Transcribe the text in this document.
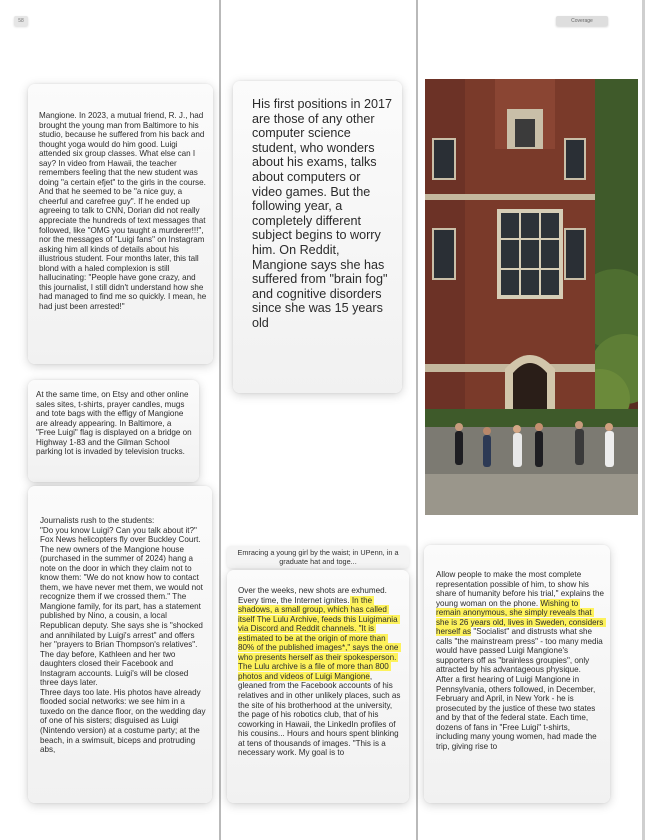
58	Coverage
Mangione. In 2023, a mutual friend, R. J., had brought the young man from Baltimore to his studio, because he suffered from his back and thought yoga would do him good. Luigi attended six group classes. What else can I say? In video from Hawaii, the teacher remembers feeling that the new student was doing "a certain efjet" to the girls in the course. And that he seemed to be "a nice guy, a cheerful and carefree guy". If he ended up agreeing to talk to CNN, Dorian did not really appreciate the hundreds of text messages that followed, like "OMG you taught a murderer!!!", nor the messages of "Luigi fans" on Instagram asking him all kinds of details about his illustrious student. Four months later, this tall blond with a haled complexion is still hallucinating: "People have gone crazy, and this journalist, I still didn't understand how she had managed to find me so quickly. I mean, he had just been arrested!"
At the same time, on Etsy and other online sales sites, t-shirts, prayer candles, mugs and tote bags with the effigy of Mangione are already appearing. In Baltimore, a "Free Luigi" flag is displayed on a bridge on Highway 1-83 and the Gilman School parking lot is invaded by television trucks.
Journalists rush to the students:
"Do you know Luigi? Can you talk about it?" Fox News helicopters fly over Buckley Court. The new owners of the Mangione house (purchased in the summer of 2024) hang a note on the door in which they claim not to know them: "We do not know how to contact them, we have never met them, we would not recognize them if we crossed them." The Mangione family, for its part, has a statement published by Nino, a cousin, a local Republican deputy. She says she is "shocked and annihilated by Luigi's arrest" and offers her "prayers to Brian Thompson's relatives". The day before, Kathleen and her two daughters closed their Facebook and Instagram accounts. Luigi's will be closed three days later.
Three days too late. His photos have already flooded social networks: we see him in a tuxedo on the dance floor, on the wedding day of one of his sisters; disguised as Luigi (Nintendo version) at a costume party; at the beach, in a swimsuit, biceps and protruding abs,
His first positions in 2017 are those of any other computer science student, who wonders about his exams, talks about computers or video games. But the following year, a completely different subject begins to worry him. On Reddit, Mangione says she has suffered from "brain fog" and cognitive disorders since she was 15 years old
Emracing a young girl by the waist; in UPenn, in a graduate hat and toge...
Over the weeks, new shots are exhumed. Every time, the Internet ignites. In the shadows, a small group, which has called itself The Lulu Archive, feeds this Luigimania via Discord and Reddit channels. "It is estimated to be at the origin of more than 80% of the published images*," says the one who presents herself as their spokesperson. The Lulu archive is a file of more than 800 photos and videos of Luigi Mangione, gleaned from the Facebook accounts of his relatives and in other unlikely places, such as the site of his brotherhood at the university, the page of his robotics club, that of his coworking in Hawaii, the LinkedIn profiles of his cousins... Hours and hours spent blinking at tens of thousands of images. "This is a necessary work. My goal is to
Allow people to make the most complete representation possible of him, to show his share of humanity before his trial," explains the young woman on the phone. Wishing to remain anonymous, she simply reveals that she is 26 years old, lives in Sweden, considers herself as "Socialist" and distrusts what she calls "the mainstream press" - too many media would have passed Luigi Mangione's supporters off as "brainless groupies", only attracted by his advantageous physique.
After a first hearing of Luigi Mangione in Pennsylvania, others followed, in December, February and April, in New York - he is prosecuted by the justice of these two states and by that of the federal state. Each time, dozens of fans in "Free Luigi" t-shirts, including many young women, had made the trip, giving rise to
